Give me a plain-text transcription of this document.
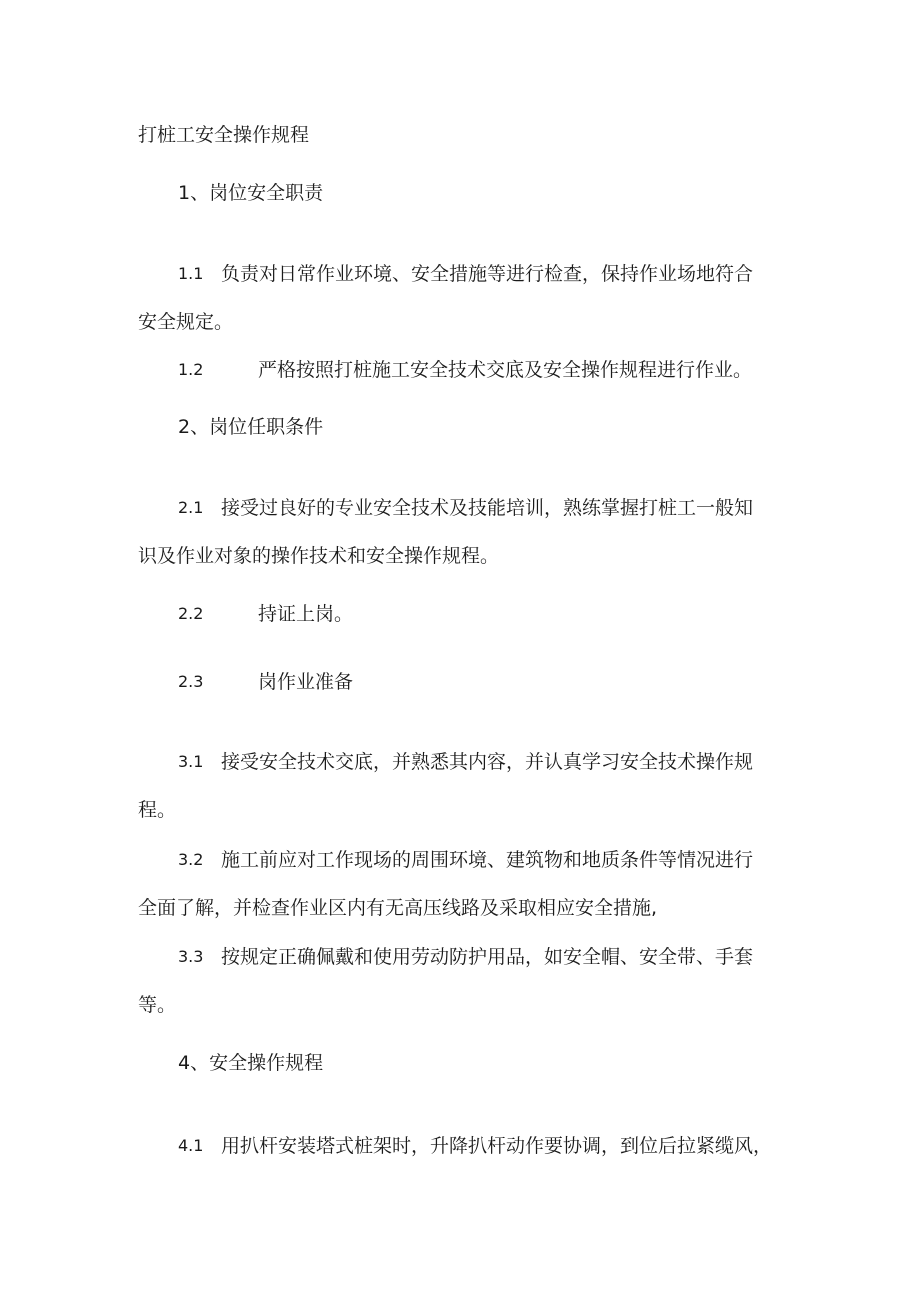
打桩工安全操作规程
1、岗位安全职责
1.1 负责对日常作业环境、安全措施等进行检查，保持作业场地符合
安全规定。
1.2	严格按照打桩施工安全技术交底及安全操作规程进行作业。
2、岗位任职条件
2.1 接受过良好的专业安全技术及技能培训，熟练掌握打桩工一般知
识及作业对象的操作技术和安全操作规程。
2.2	持证上岗。
2.3	岗作业准备
3.1 接受安全技术交底，并熟悉其内容，并认真学习安全技术操作规
程。
3.2 施工前应对工作现场的周围环境、建筑物和地质条件等情况进行
全面了解，并检查作业区内有无高压线路及采取相应安全措施,
3.3 按规定正确佩戴和使用劳动防护用品，如安全帽、安全带、手套
等。
4、安全操作规程
4.1 用扒杆安装塔式桩架时，升降扒杆动作要协调，到位后拉紧缆风，
